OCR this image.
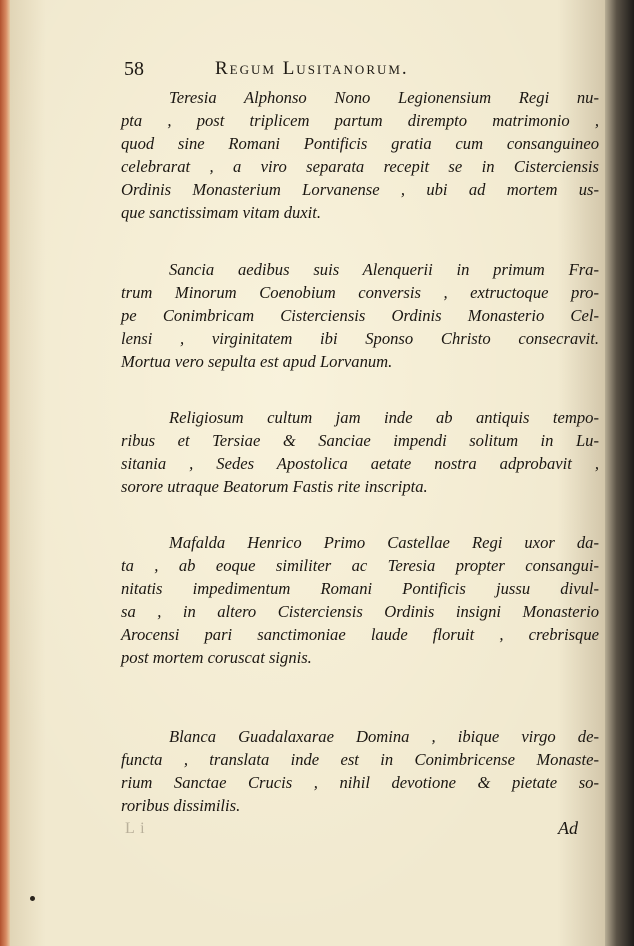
58	Regum Lusitanorum.
Teresia Alphonso Nono Legionensium Regi nu-
pta , post triplicem partum dirempto matrimonio ,
quod sine Romani Pontificis gratia cum consanguineo
celebrarat , a viro separata recepit se in Cisterciensis
Ordinis Monasterium Lorvanense , ubi ad mortem us-
que sanctissimam vitam duxit.
Sancia aedibus suis Alenquerii in primum Fra-
trum Minorum Coenobium conversis , extructoque pro-
pe Conimbricam Cisterciensis Ordinis Monasterio Cel-
lensi , virginitatem ibi Sponso Christo consecravit.
Mortua vero sepulta est apud Lorvanum.
Religiosum cultum jam inde ab antiquis tempo-
ribus et Tersiae & Sanciae impendi solitum in Lu-
sitania , Sedes Apostolica aetate nostra adprobavit ,
sorore utraque Beatorum Fastis rite inscripta.
Mafalda Henrico Primo Castellae Regi uxor da-
ta , ab eoque similiter ac Teresia propter consangui-
nitatis impedimentum Romani Pontificis jussu divul-
sa , in altero Cisterciensis Ordinis insigni Monasterio
Arocensi pari sanctimoniae laude floruit , crebrisque
post mortem coruscat signis.
Blanca Guadalaxarae Domina , ibique virgo de-
functa , translata inde est in Conimbricense Monaste-
rium Sanctae Crucis , nihil devotione & pietate so-
roribus dissimilis.
L i	Ad
